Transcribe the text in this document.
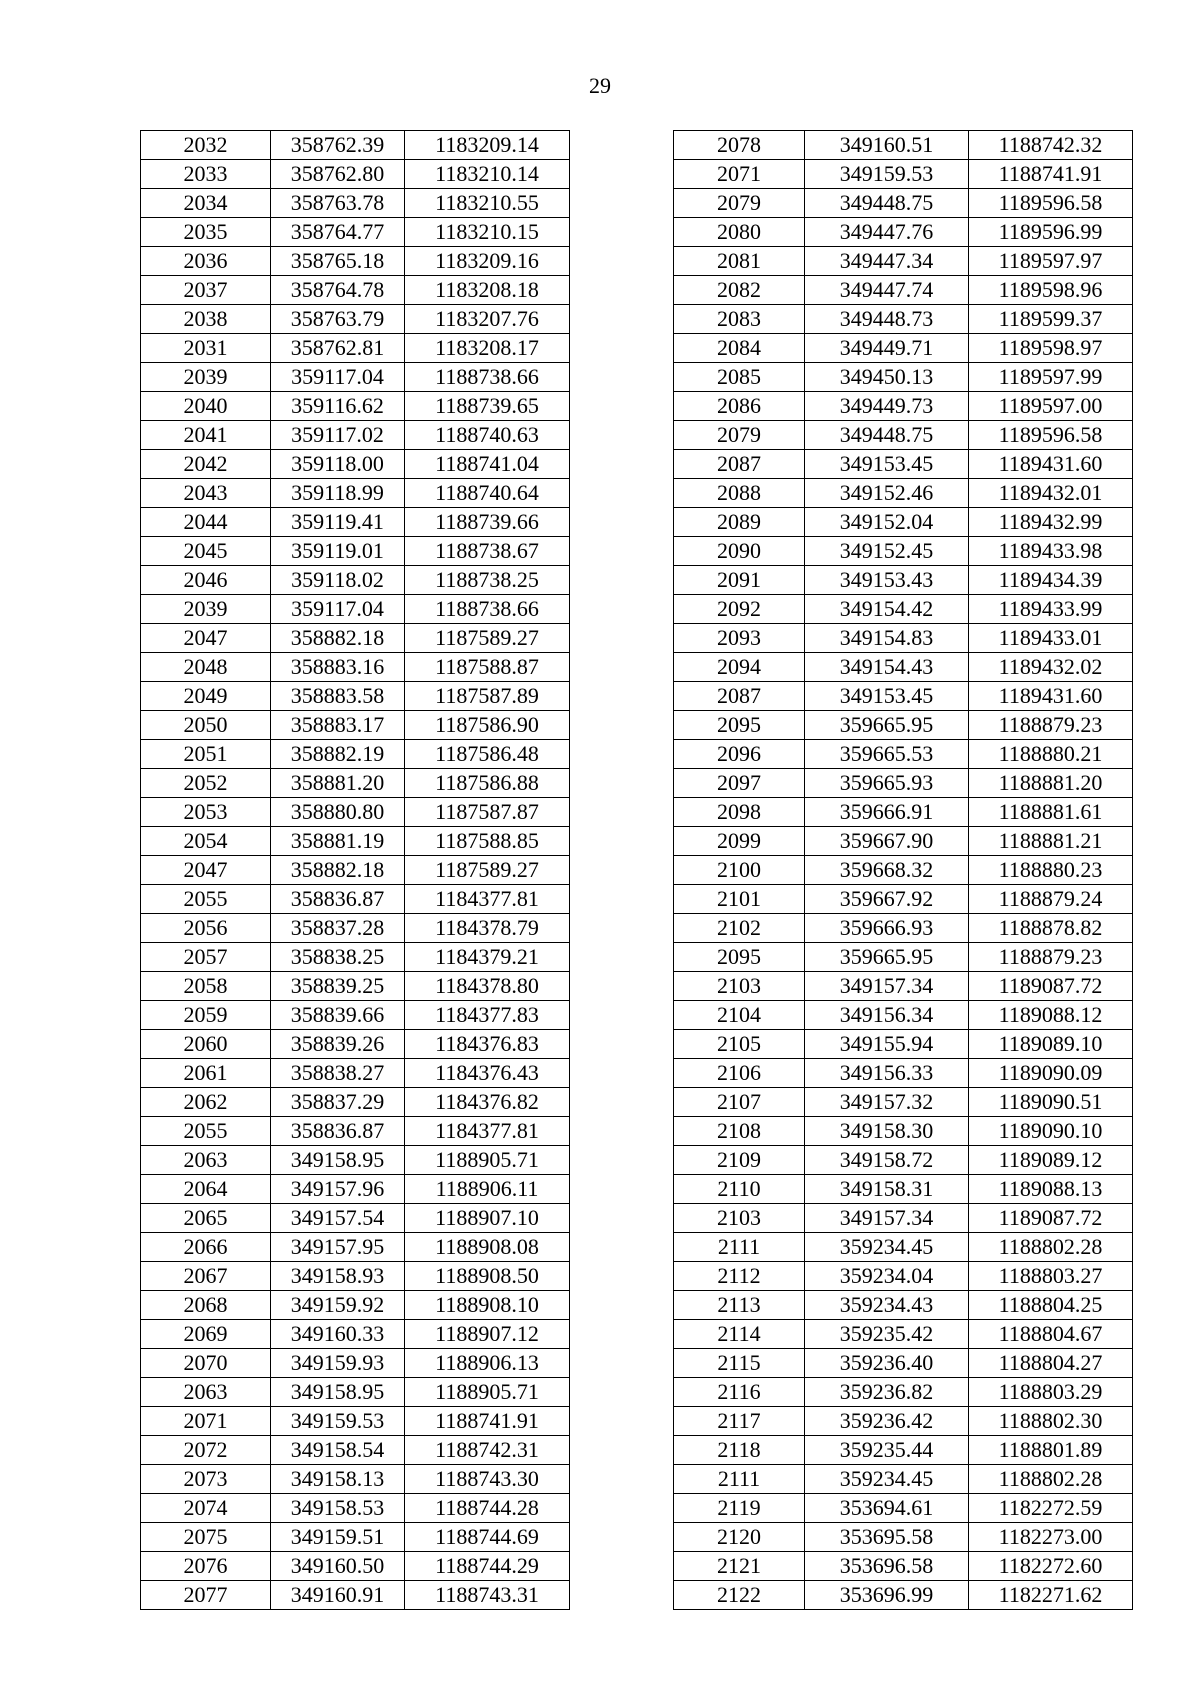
29
2032	358762.39	1183209.14
2033	358762.80	1183210.14
2034	358763.78	1183210.55
2035	358764.77	1183210.15
2036	358765.18	1183209.16
2037	358764.78	1183208.18
2038	358763.79	1183207.76
2031	358762.81	1183208.17
2039	359117.04	1188738.66
2040	359116.62	1188739.65
2041	359117.02	1188740.63
2042	359118.00	1188741.04
2043	359118.99	1188740.64
2044	359119.41	1188739.66
2045	359119.01	1188738.67
2046	359118.02	1188738.25
2039	359117.04	1188738.66
2047	358882.18	1187589.27
2048	358883.16	1187588.87
2049	358883.58	1187587.89
2050	358883.17	1187586.90
2051	358882.19	1187586.48
2052	358881.20	1187586.88
2053	358880.80	1187587.87
2054	358881.19	1187588.85
2047	358882.18	1187589.27
2055	358836.87	1184377.81
2056	358837.28	1184378.79
2057	358838.25	1184379.21
2058	358839.25	1184378.80
2059	358839.66	1184377.83
2060	358839.26	1184376.83
2061	358838.27	1184376.43
2062	358837.29	1184376.82
2055	358836.87	1184377.81
2063	349158.95	1188905.71
2064	349157.96	1188906.11
2065	349157.54	1188907.10
2066	349157.95	1188908.08
2067	349158.93	1188908.50
2068	349159.92	1188908.10
2069	349160.33	1188907.12
2070	349159.93	1188906.13
2063	349158.95	1188905.71
2071	349159.53	1188741.91
2072	349158.54	1188742.31
2073	349158.13	1188743.30
2074	349158.53	1188744.28
2075	349159.51	1188744.69
2076	349160.50	1188744.29
2077	349160.91	1188743.31
2078	349160.51	1188742.32
2071	349159.53	1188741.91
2079	349448.75	1189596.58
2080	349447.76	1189596.99
2081	349447.34	1189597.97
2082	349447.74	1189598.96
2083	349448.73	1189599.37
2084	349449.71	1189598.97
2085	349450.13	1189597.99
2086	349449.73	1189597.00
2079	349448.75	1189596.58
2087	349153.45	1189431.60
2088	349152.46	1189432.01
2089	349152.04	1189432.99
2090	349152.45	1189433.98
2091	349153.43	1189434.39
2092	349154.42	1189433.99
2093	349154.83	1189433.01
2094	349154.43	1189432.02
2087	349153.45	1189431.60
2095	359665.95	1188879.23
2096	359665.53	1188880.21
2097	359665.93	1188881.20
2098	359666.91	1188881.61
2099	359667.90	1188881.21
2100	359668.32	1188880.23
2101	359667.92	1188879.24
2102	359666.93	1188878.82
2095	359665.95	1188879.23
2103	349157.34	1189087.72
2104	349156.34	1189088.12
2105	349155.94	1189089.10
2106	349156.33	1189090.09
2107	349157.32	1189090.51
2108	349158.30	1189090.10
2109	349158.72	1189089.12
2110	349158.31	1189088.13
2103	349157.34	1189087.72
2111	359234.45	1188802.28
2112	359234.04	1188803.27
2113	359234.43	1188804.25
2114	359235.42	1188804.67
2115	359236.40	1188804.27
2116	359236.82	1188803.29
2117	359236.42	1188802.30
2118	359235.44	1188801.89
2111	359234.45	1188802.28
2119	353694.61	1182272.59
2120	353695.58	1182273.00
2121	353696.58	1182272.60
2122	353696.99	1182271.62
